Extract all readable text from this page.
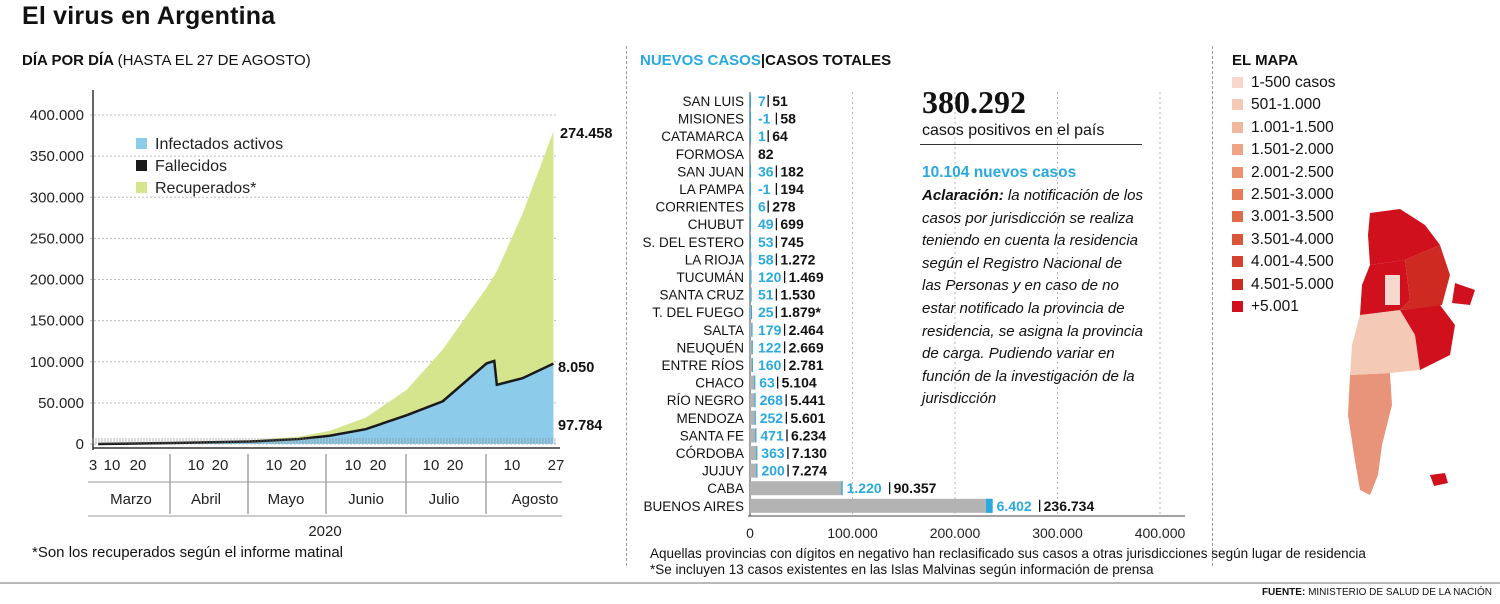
El virus en Argentina
DÍA POR DÍA (HASTA EL 27 DE AGOSTO)	NUEVOS CASOS|CASOS TOTALES	EL MAPA
0
50.000
100.000
150.000
200.000
250.000
300.000
350.000
400.000
274.458
8.050
97.784
Infectados activos
Fallecidos
Recuperados*
3 10 20	10 20 10 20	10 20 10 20	10 27
Marzo	Abril	Mayo	Junio	Julio	Agosto
2020
*Son los recuperados según el informe matinal
SAN LUIS 7 51
MISIONES -1 58
CATAMARCA 1 64
FORMOSA 82
SAN JUAN 36 182
LA PAMPA -1 194
CORRIENTES 6 278
CHUBUT 49 699
S. DEL ESTERO 53 745
LA RIOJA 58 1.272
TUCUMÁN 120 1.469
SANTA CRUZ 51 1.530
T. DEL FUEGO 25 1.879*
SALTA 179 2.464
NEUQUÉN 122 2.669
ENTRE RÍOS 160 2.781
CHACO 63 5.104
RÍO NEGRO 268 5.441
MENDOZA 252 5.601
SANTA FE 471 6.234
CÓRDOBA 363 7.130
JUJUY 200 7.274
CABA	1.220 90.357
BUENOS AIRES	6.402 236.734
0	100.000	200.000	300.000	400.000
380.292
casos positivos en el país
10.104 nuevos casos
Aclaración: la notificación de los casos por jurisdicción se realiza teniendo en cuenta la residencia según el Registro Nacional de las Personas y en caso de no estar notificado la provincia de residencia, se asigna la provincia de carga. Pudiendo variar en función de la investigación de la jurisdicción
1-500 casos
501-1.000
1.001-1.500
1.501-2.000
2.001-2.500
2.501-3.000
3.001-3.500
3.501-4.000
4.001-4.500
4.501-5.000
+5.001
Aquellas provincias con dígitos en negativo han reclasificado sus casos a otras jurisdicciones según lugar de residencia
*Se incluyen 13 casos existentes en las Islas Malvinas según información de prensa
FUENTE: MINISTERIO DE SALUD DE LA NACIÓN
